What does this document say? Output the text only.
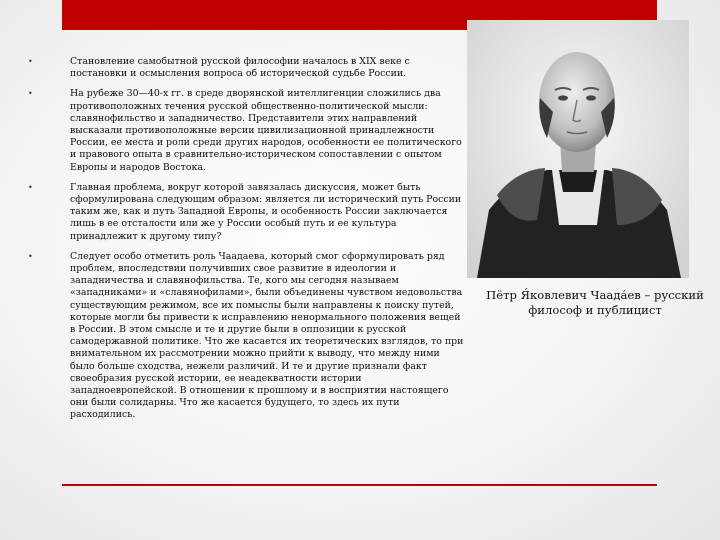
• Становление самобытной русской философии началось в XIX веке с постановки и осмысления вопроса об исторической судьбе России.
• На рубеже 30—40-х гг. в среде дворянской интеллигенции сложились два противоположных течения русской общественно-политической мысли: славянофильство и западничество. Представители этих направлений высказали противоположные версии цивилизационной принадлежности России, ее места и роли среди других народов, особенности ее политического и правового опыта в сравнительно-историческом сопоставлении с опытом Европы и народов Востока.
• Главная проблема, вокруг которой завязалась дискуссия, может быть сформулирована следующим образом: является ли исторический путь России таким же, как и путь Западной Европы, и особенность России заключается лишь в ее отсталости или же у России особый путь и ее культура принадлежит к другому типу?
• Следует особо отметить роль Чаадаева, который смог сформулировать ряд проблем, впоследствии получивших свое развитие в идеологии и западничества и славянофильства. Те, кого мы сегодня называем «западниками» и «славянофилами», были объединены чувством недовольства существующим режимом, все их помыслы были направлены к поиску путей, которые могли бы привести к исправлению ненормального положения вещей в России. В этом смысле и те и другие были в оппозиции к русской самодержавной политике. Что же касается их теоретических взглядов, то при внимательном их рассмотрении можно прийти к выводу, что между ними было больше сходства, нежели различий. И те и другие признали факт своеобразия русской истории, ее неадекватности истории западноевропейской. В отношении к прошлому и в восприятии настоящего они были солидарны. Что же касается будущего, то здесь их пути расходились.
Пётр Я́ковлевич Чаада́ев – русский философ и публицист
